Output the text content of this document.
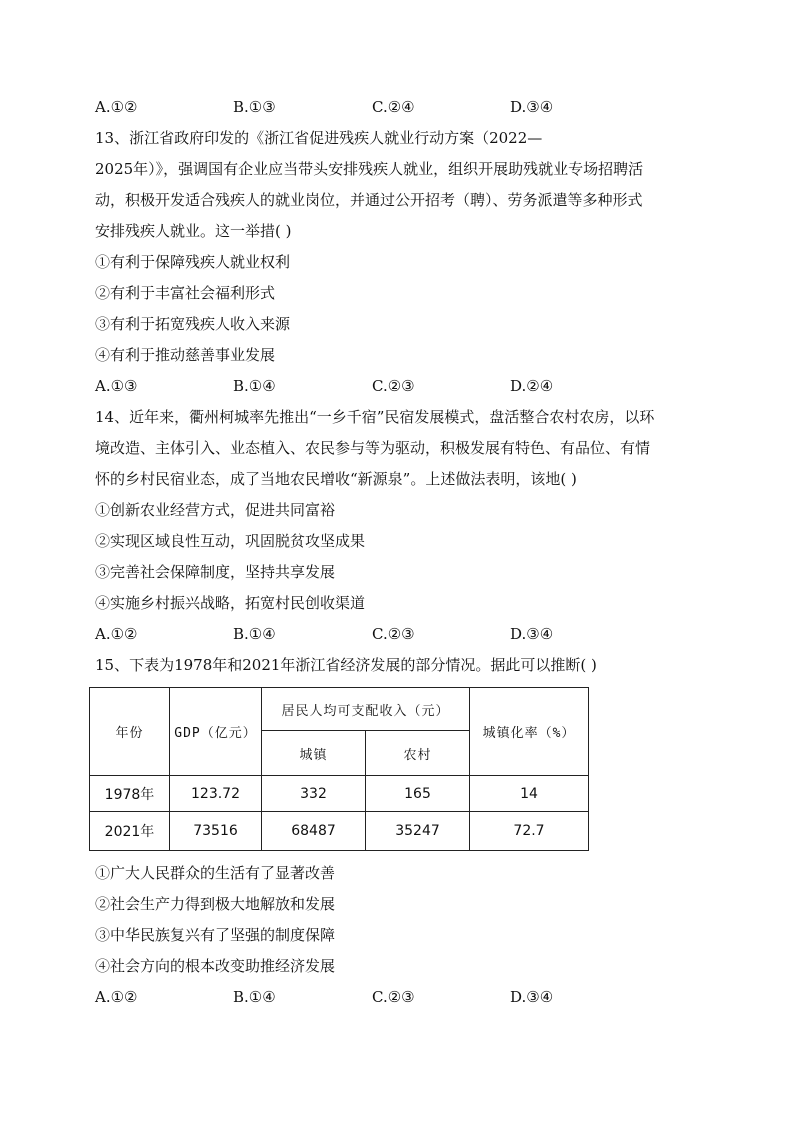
A.①②	B.①③	C.②④	D.③④
13、浙江省政府印发的《浙江省促进残疾人就业行动方案（2022—
2025年）》，强调国有企业应当带头安排残疾人就业，组织开展助残就业专场招聘活
动，积极开发适合残疾人的就业岗位，并通过公开招考（聘）、劳务派遣等多种形式
安排残疾人就业。这一举措( )
①有利于保障残疾人就业权利
②有利于丰富社会福利形式
③有利于拓宽残疾人收入来源
④有利于推动慈善事业发展
A.①③	B.①④	C.②③	D.②④
14、近年来，衢州柯城率先推出“一乡千宿”民宿发展模式，盘活整合农村农房，以环
境改造、主体引入、业态植入、农民参与等为驱动，积极发展有特色、有品位、有情
怀的乡村民宿业态，成了当地农民增收“新源泉”。上述做法表明，该地( )
①创新农业经营方式，促进共同富裕
②实现区域良性互动，巩固脱贫攻坚成果
③完善社会保障制度，坚持共享发展
④实施乡村振兴战略，拓宽村民创收渠道
A.①②	B.①④	C.②③	D.③④
15、下表为1978年和2021年浙江省经济发展的部分情况。据此可以推断( )
年份	GDP（亿元）	居民人均可支配收入（元）		城镇化率（%）
		城镇	农村	
1978年	123.72	332	165	14
2021年	73516	68487	35247	72.7
①广大人民群众的生活有了显著改善
②社会生产力得到极大地解放和发展
③中华民族复兴有了坚强的制度保障
④社会方向的根本改变助推经济发展
A.①②	B.①④	C.②③	D.③④
